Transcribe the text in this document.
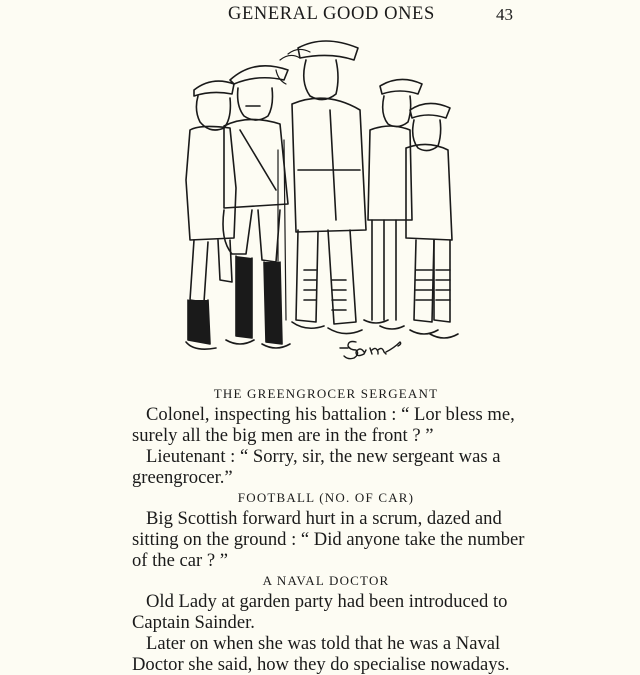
GENERAL GOOD ONES	43
THE GREENGROCER SERGEANT
Colonel, inspecting his battalion : “ Lor bless me,
surely all the big men are in the front ? ”
Lieutenant : “ Sorry, sir, the new sergeant was a
greengrocer.”
FOOTBALL (NO. OF CAR)
Big Scottish forward hurt in a scrum, dazed and
sitting on the ground : “ Did anyone take the number
of the car ? ”
A NAVAL DOCTOR
Old Lady at garden party had been introduced to
Captain Sainder.
Later on when she was told that he was a Naval
Doctor she said, how they do specialise nowadays.
